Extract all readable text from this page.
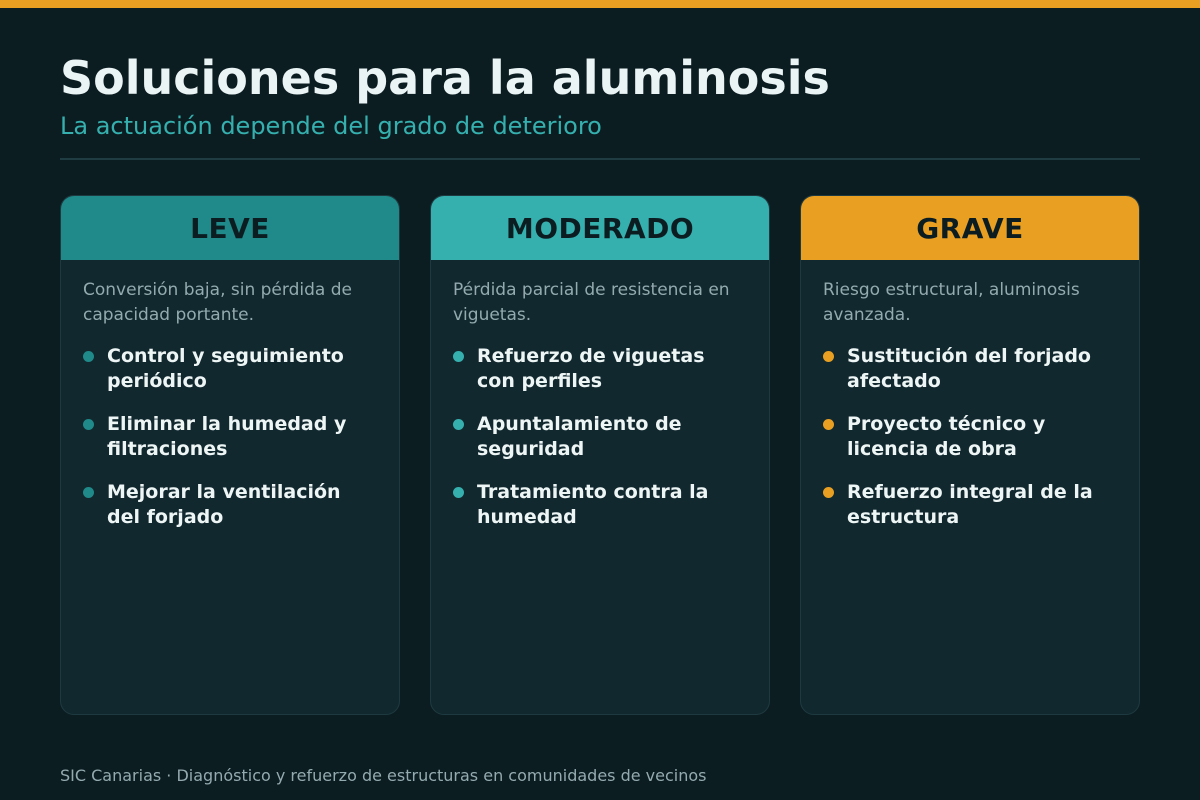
Soluciones para la aluminosis
La actuación depende del grado de deterioro
LEVE
Conversión baja, sin pérdida de capacidad portante.
Control y seguimiento periódico
Eliminar la humedad y filtraciones
Mejorar la ventilación del forjado
MODERADO
Pérdida parcial de resistencia en viguetas.
Refuerzo de viguetas con perfiles
Apuntalamiento de seguridad
Tratamiento contra la humedad
GRAVE
Riesgo estructural, aluminosis avanzada.
Sustitución del forjado afectado
Proyecto técnico y licencia de obra
Refuerzo integral de la estructura
SIC Canarias · Diagnóstico y refuerzo de estructuras en comunidades de vecinos
